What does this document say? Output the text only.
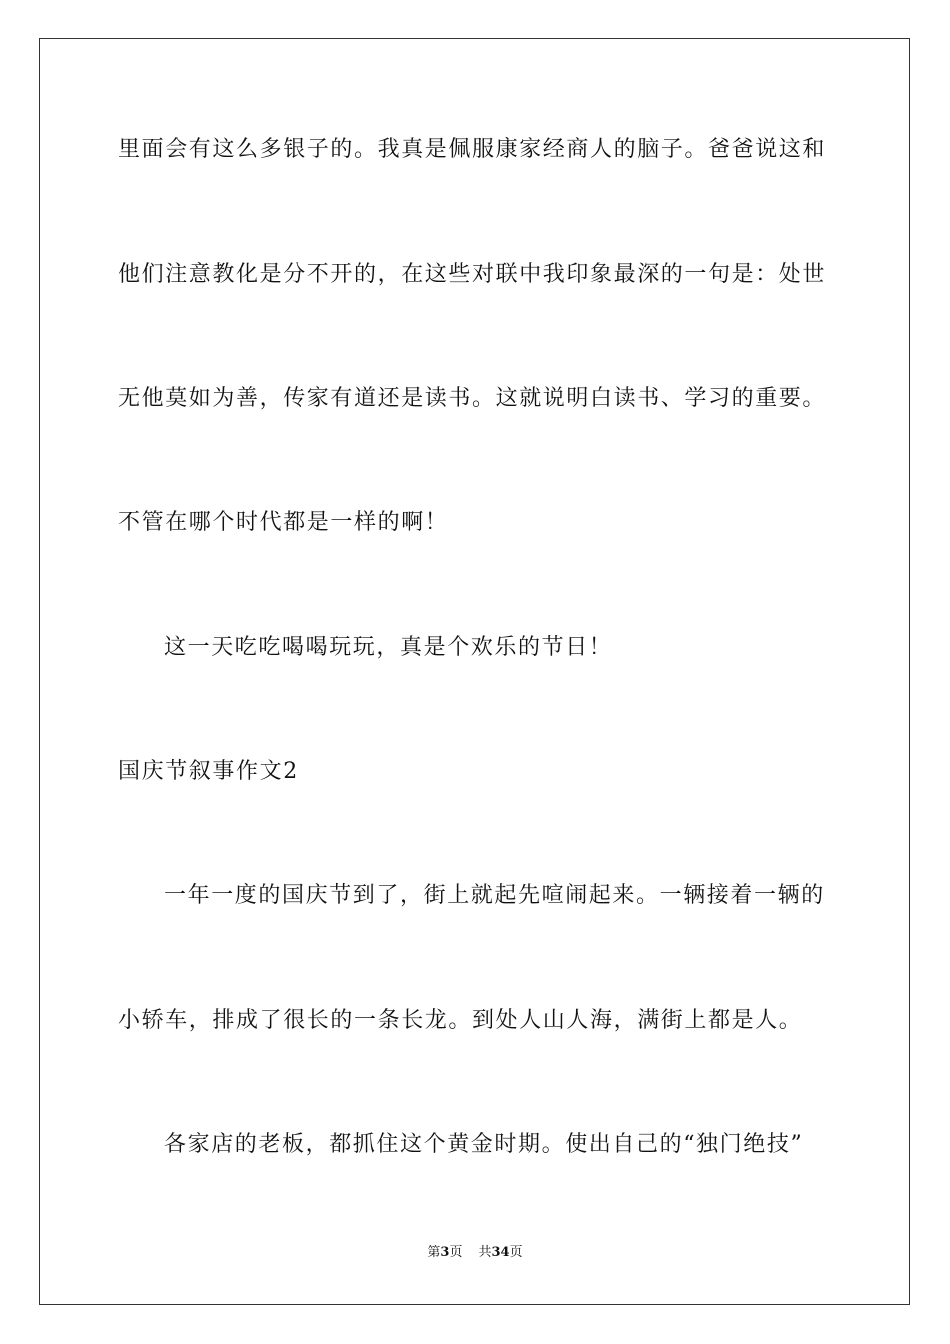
里面会有这么多银子的。我真是佩服康家经商人的脑子。爸爸说这和
他们注意教化是分不开的，在这些对联中我印象最深的一句是：处世
无他莫如为善，传家有道还是读书。这就说明白读书、学习的重要。
不管在哪个时代都是一样的啊！
这一天吃吃喝喝玩玩，真是个欢乐的节日！
国庆节叙事作文2
一年一度的国庆节到了，街上就起先喧闹起来。一辆接着一辆的
小轿车，排成了很长的一条长龙。到处人山人海，满街上都是人。
各家店的老板，都抓住这个黄金时期。使出自己的“独门绝技”
第3页 共34页
